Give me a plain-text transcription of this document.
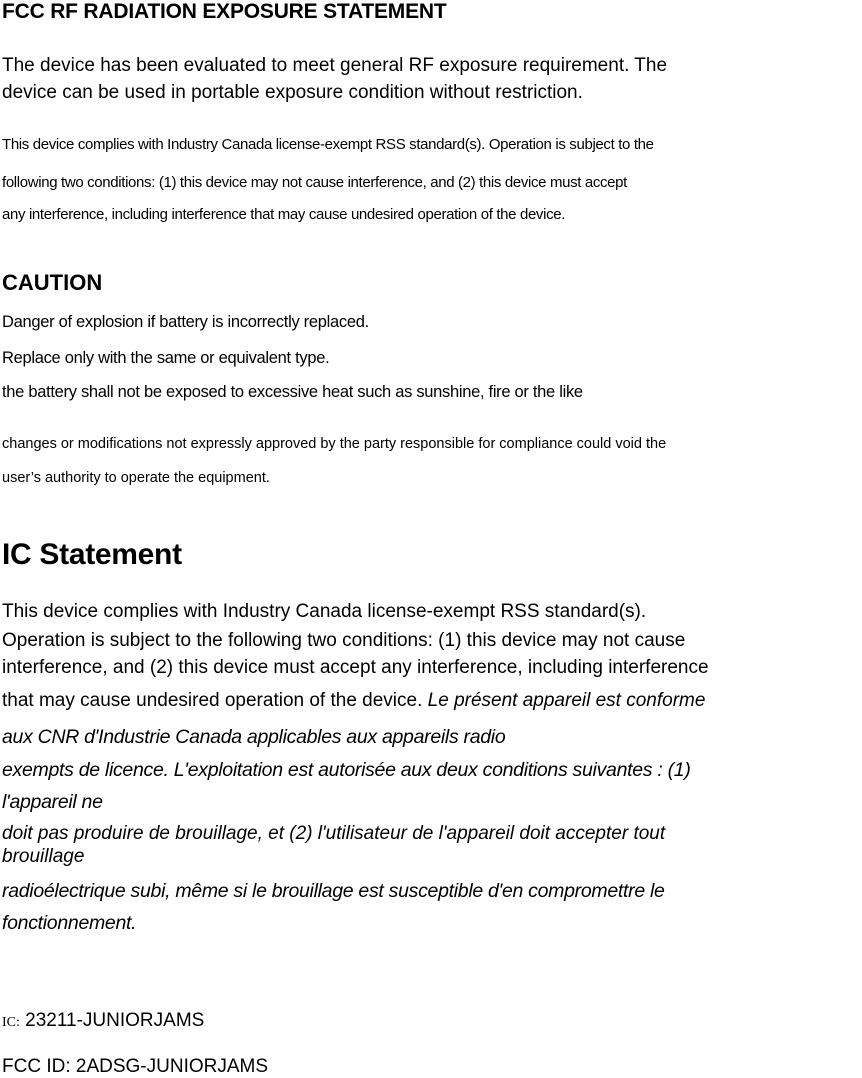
FCC RF RADIATION EXPOSURE STATEMENT
The device has been evaluated to meet general RF exposure requirement. The
device can be used in portable exposure condition without restriction.
This device complies with Industry Canada license-exempt RSS standard(s). Operation is subject to the
following two conditions: (1) this device may not cause interference, and (2) this device must accept
any interference, including interference that may cause undesired operation of the device.
CAUTION
Danger of explosion if battery is incorrectly replaced.
Replace only with the same or equivalent type.
the battery shall not be exposed to excessive heat such as sunshine, fire or the like
changes or modifications not expressly approved by the party responsible for compliance could void the
user’s authority to operate the equipment.
IC Statement
This device complies with Industry Canada license-exempt RSS standard(s).
Operation is subject to the following two conditions: (1) this device may not cause
interference, and (2) this device must accept any interference, including interference
that may cause undesired operation of the device. Le présent appareil est conforme
aux CNR d'Industrie Canada applicables aux appareils radio
exempts de licence. L'exploitation est autorisée aux deux conditions suivantes : (1)
l'appareil ne
doit pas produire de brouillage, et (2) l'utilisateur de l'appareil doit accepter tout
brouillage
radioélectrique subi, même si le brouillage est susceptible d'en compromettre le
fonctionnement.
IC: 23211-JUNIORJAMS
FCC ID: 2ADSG-JUNIORJAMS
